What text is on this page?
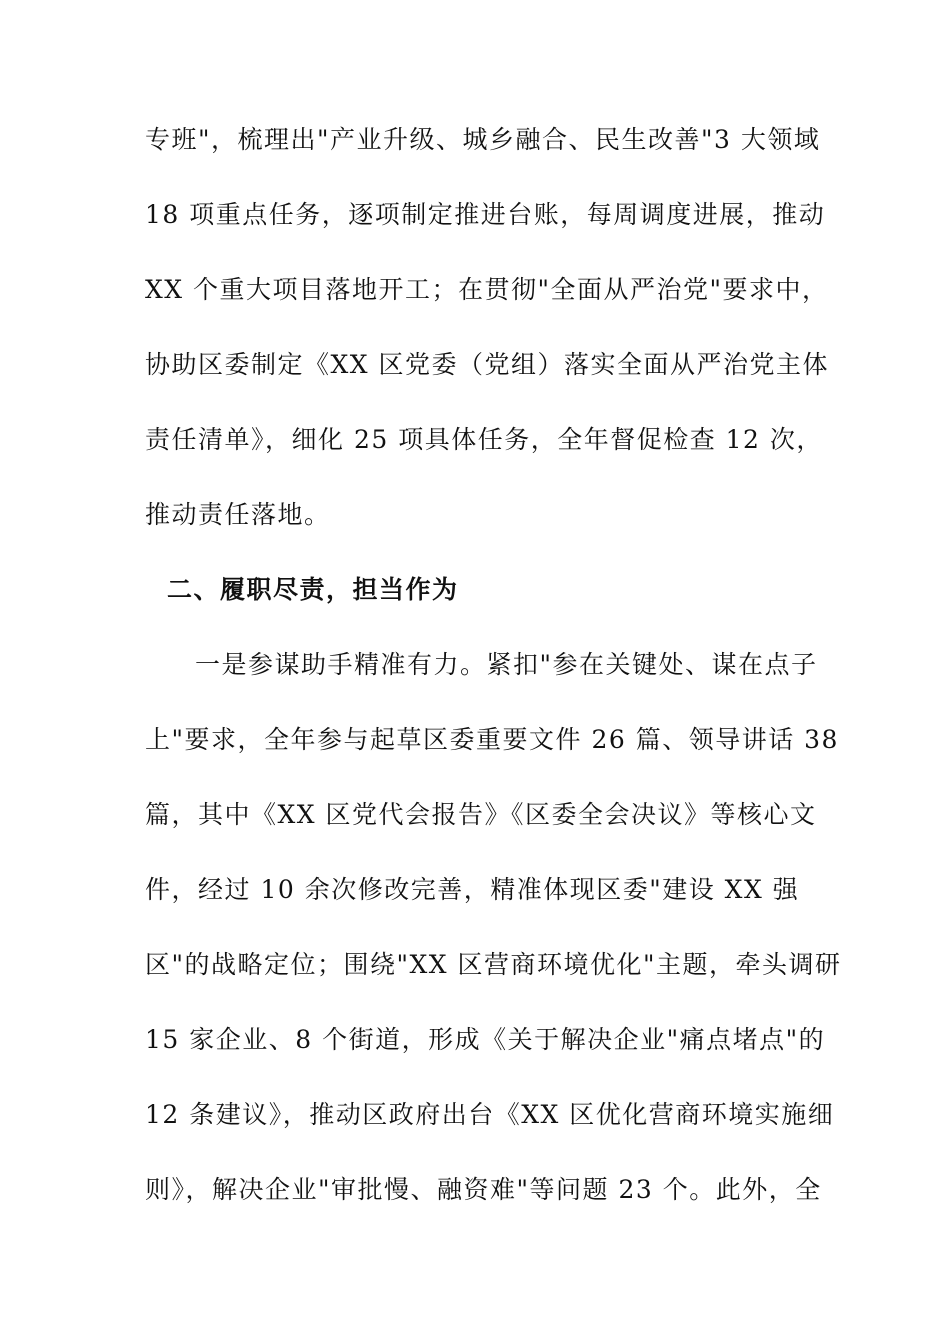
专班"，梳理出"产业升级、城乡融合、民生改善"3 大领域
18 项重点任务，逐项制定推进台账，每周调度进展，推动
XX 个重大项目落地开工；在贯彻"全面从严治党"要求中，
协助区委制定《XX 区党委（党组）落实全面从严治党主体
责任清单》，细化 25 项具体任务，全年督促检查 12 次，
推动责任落地。
二、履职尽责，担当作为
一是参谋助手精准有力。紧扣"参在关键处、谋在点子
上"要求，全年参与起草区委重要文件 26 篇、领导讲话 38
篇，其中《XX 区党代会报告》《区委全会决议》等核心文
件，经过 10 余次修改完善，精准体现区委"建设 XX 强
区"的战略定位；围绕"XX 区营商环境优化"主题，牵头调研
15 家企业、8 个街道，形成《关于解决企业"痛点堵点"的
12 条建议》，推动区政府出台《XX 区优化营商环境实施细
则》，解决企业"审批慢、融资难"等问题 23 个。此外，全
